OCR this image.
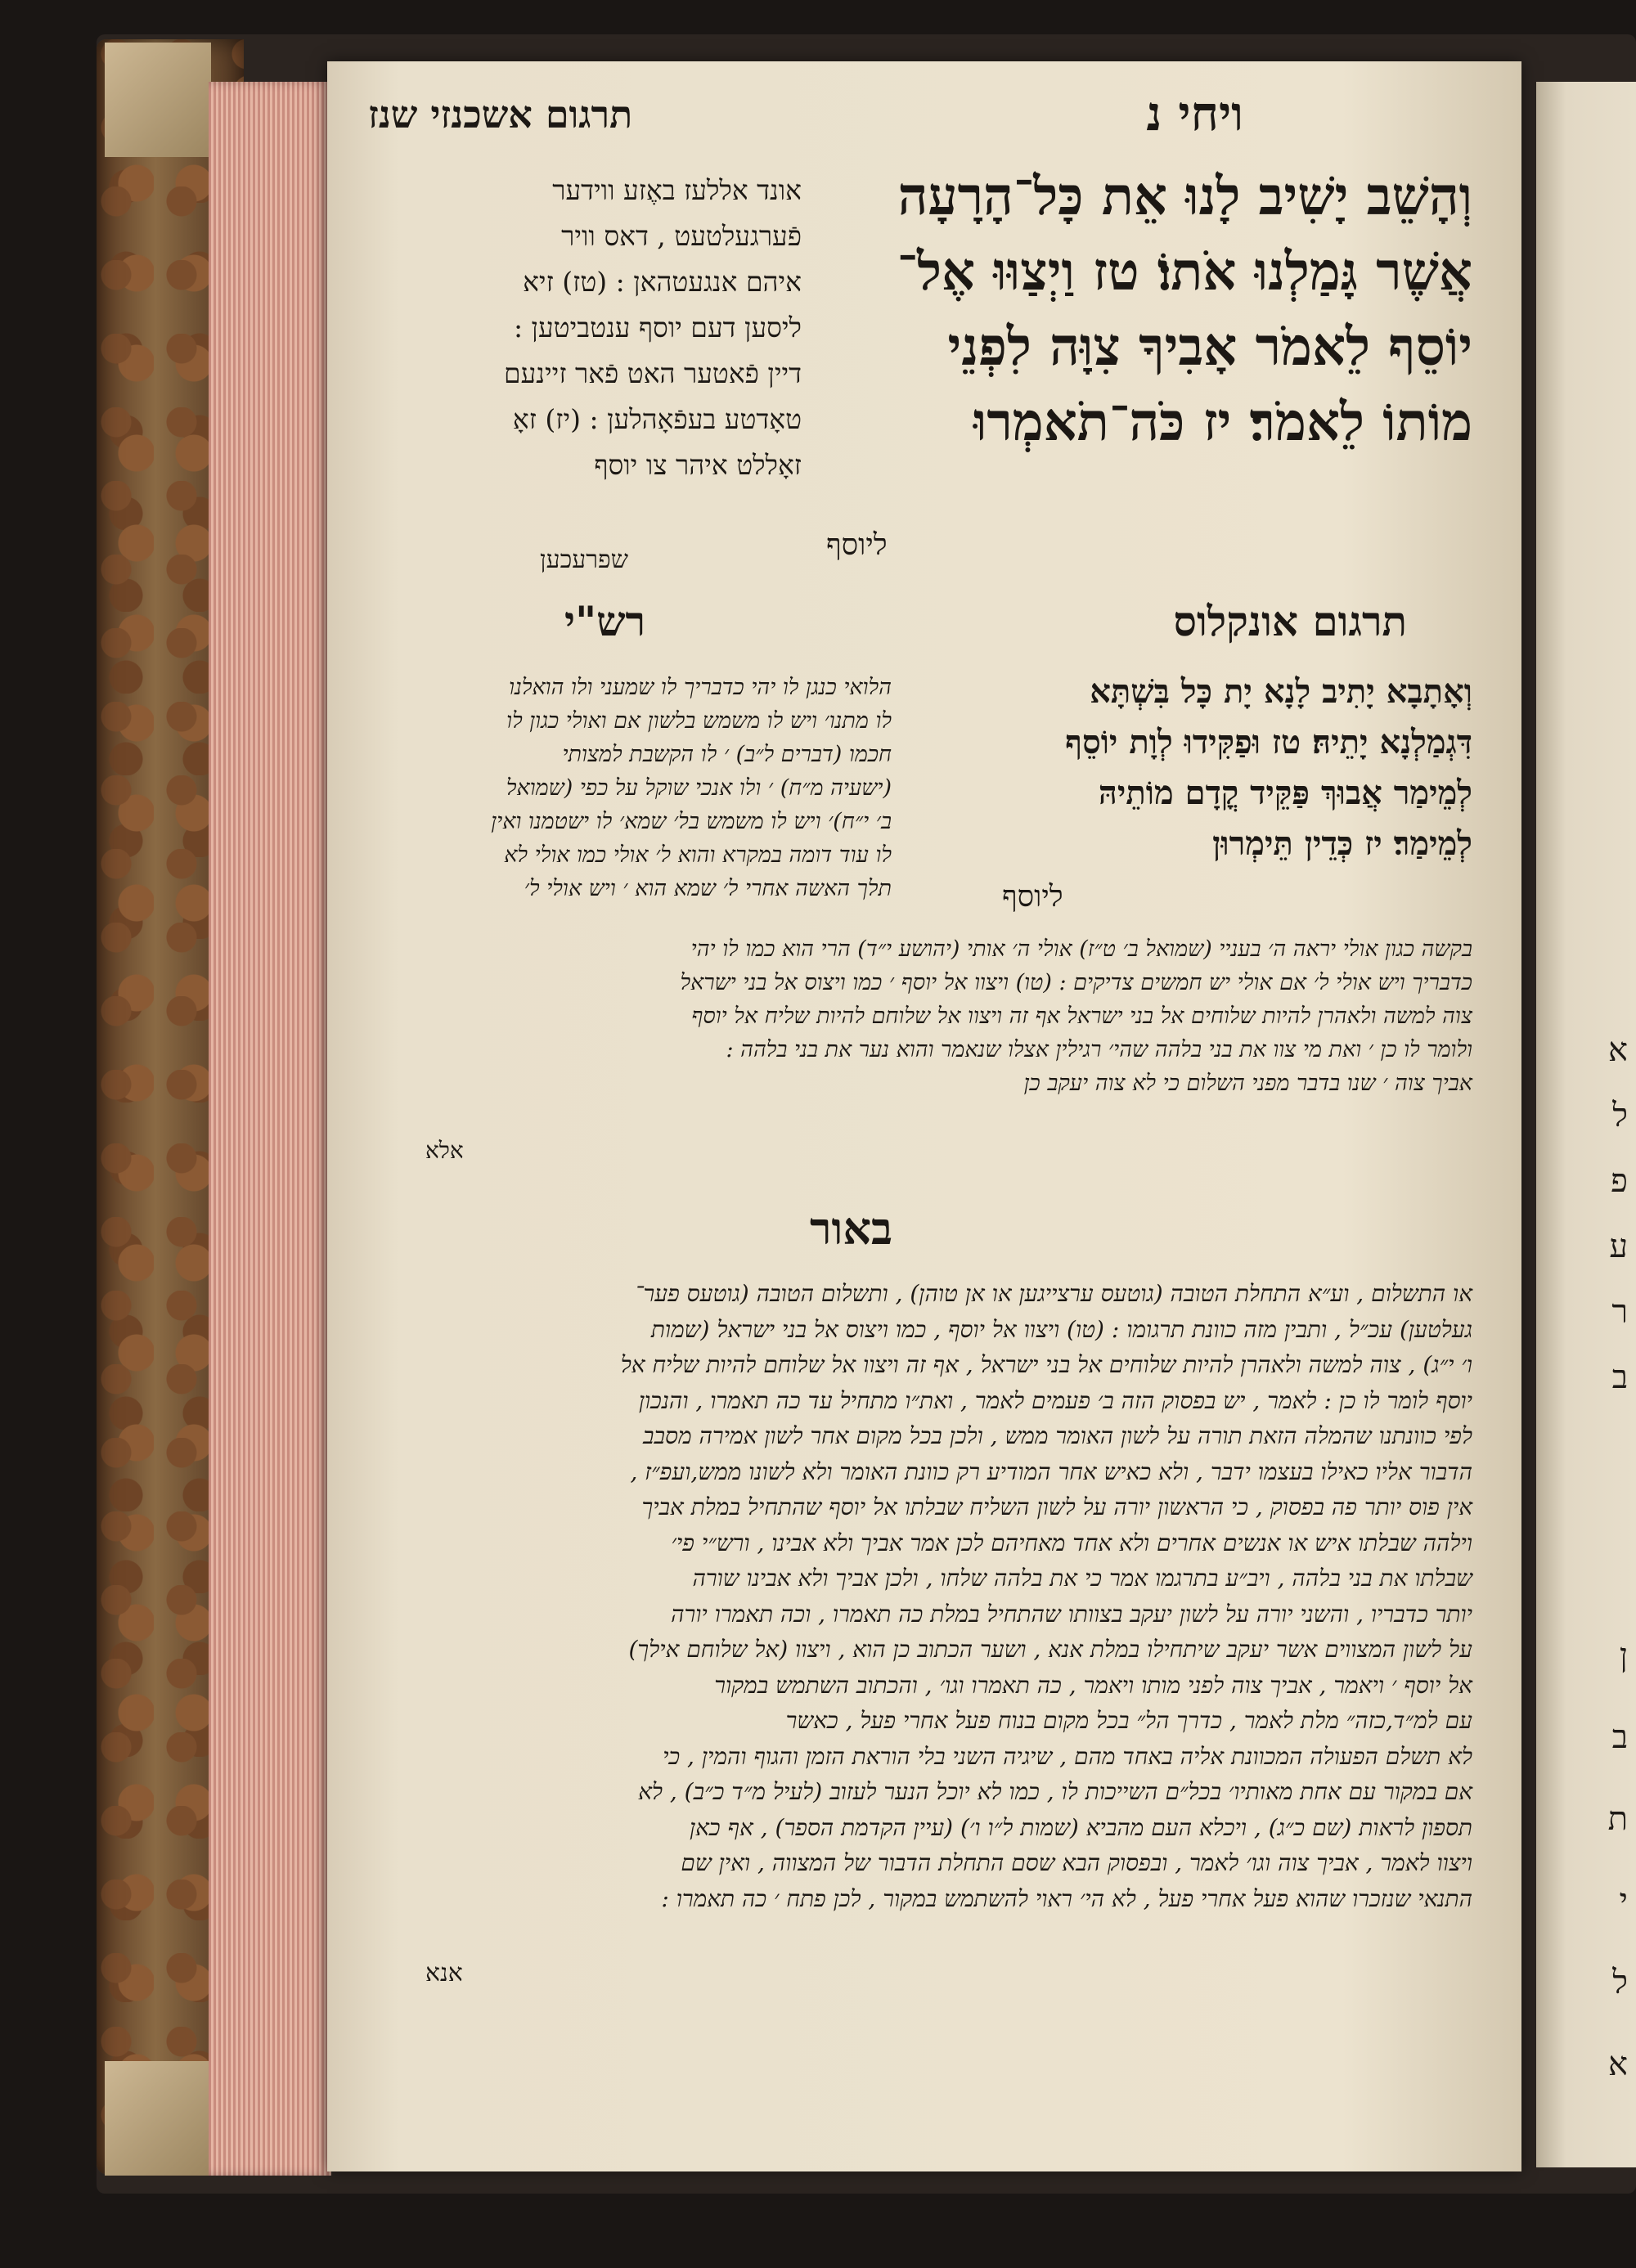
ויחי נ
תרגום אשכנזי שנז
וְהָשֵׁב יָשִׁיב לָנוּ אֵת כָּל־הָרָעָה
אֲשֶׁר גָּמַלְנוּ אֹתוֹ׃ טז וַיְצַוּוּ אֶל־
יוֹסֵף לֵאמֹר אָבִיךָ צִוָּה לִפְנֵי
מוֹתוֹ לֵאמֹר׃ יז כֹּה־תֹאמְרוּ
ליוסף
אונד אללעז באֶזע ווידער
פֿערגעלטעט , דאס וויר
איהם אנגעטהאן : (טז) זיא
ליסען דעם יוסף ענטביטען :
דיין פֿאטער האט פֿאר זיינעם
טאָדטע בעפֿאָהלען : (יז) זאָ
זאָללט איהר צו יוסף
שפרעכען
תרגום אונקלוס
רש"י
וְאָתָבָא יָתִיב לָנָא יָת כָּל בִּשְׁתָּא
דִּגְמַלְנָא יָתֵיהּ׃ טז וּפַקִּידוּ לְוָת יוֹסֵף
לְמֵימַר אֲבוּךְ פַּקֵּיד קֳדָם מוֹתֵיהּ
לְמֵימַר׃ יז כְּדֵין תֵּימְרוּן
ליוסף
הלואי כנגן לו יהי כדבריך לו שמעני ולו הואלנו
לו מתנו׳ ויש לו משמש בלשון אם ואולי כגון לו
חכמו (דברים ל״ב) ׳ לו הקשבת למצותי
(ישעיה מ״ח) ׳ ולו אנכי שוקל על כפי (שמואל
ב׳ י״ח)׳ ויש לו משמש בל׳ שמא׳ לו ישטמנו ואין
לו עוד דומה במקרא והוא ל׳ אולי כמו אולי לא
תלך האשה אחרי ל׳ שמא הוא ׳ ויש אולי ל׳
בקשה כגון אולי יראה ה׳ בעניי (שמואל ב׳ ט״ז) אולי ה׳ אותי (יהושע י״ד) הרי הוא כמו לו יהי
כדבריך ויש אולי ל׳ אם אולי יש חמשים צדיקים : (טו) ויצוו אל יוסף ׳ כמו ויצוס אל בני ישראל
צוה למשה ולאהרן להיות שלוחים אל בני ישראל אף זה ויצוו אל שלוחם להיות שליח אל יוסף
ולומר לו כן ׳ ואת מי צוו את בני בלהה שהי׳ רגילין אצלו שנאמר והוא נער את בני בלהה :
אביך צוה ׳ שנו בדבר מפני השלום כי לא צוה יעקב כן
אלא
באור
או התשלום , וע״א התחלת הטובה (גוטעס ערצייגען או אן טוהן) , ותשלום הטובה (גוטעס פער־
געלטען) עכ״ל , ותבין מזה כוונת תרגומו : (טו) ויצוו אל יוסף , כמו ויצוס אל בני ישראל (שמות
ו׳ י״ג) , צוה למשה ולאהרן להיות שלוחים אל בני ישראל , אף זה ויצוו אל שלוחם להיות שליח אל
יוסף לומר לו כן : לאמר , יש בפסוק הזה ב׳ פעמים לאמר , ואת״ו מתחיל עד כה תאמרו , והנכון
לפי כוונתנו שהמלה הזאת תורה על לשון האומר ממש , ולכן בכל מקום אחר לשון אמירה מסבב
הדבור אליו כאילו בעצמו ידבר , ולא כאיש אחר המודיע רק כוונת האומר ולא לשונו ממש,ועפ״ז ,
אין פוס יותר פה בפסוק , כי הראשון יורה על לשון השליח שבלתו אל יוסף שהתחיל במלת אביך
וילהה שבלתו איש או אנשים אחרים ולא אחד מאחיהם לכן אמר אביך ולא אבינו , ורש״י פי׳
שבלתו את בני בלהה , ויב״ע בתרגמו אמר כי את בלהה שלחו , ולכן אביך ולא אבינו שורה
יותר כדבריו , והשני יורה על לשון יעקב בצוותו שהתחיל במלת כה תאמרו , וכה תאמרו יורה
על לשון המצווים אשר יעקב שיתחילו במלת אנא , ושער הכתוב כן הוא , ויצוו (אל שלוחם אילך)
אל יוסף ׳ ויאמר , אביך צוה לפני מותו ויאמר , כה תאמרו וגו׳ , והכתוב השתמש במקור
עם למ״ד,כזה״ מלת לאמר , כדרך הל״ בכל מקום בנוח פעל אחרי פעל , כאשר
לא תשלם הפעולה המכוונת אליה באחד מהם , שיגיה השני בלי הוראת הזמן והגוף והמין , כי
אם במקור עם אחת מאותיו׳ בכל״ם השייכות לו , כמו לא יוכל הנער לעזוב (לעיל מ״ד כ״ב) , לא
תספון לראות (שם כ״ג) , ויכלא העם מהביא (שמות ל״ו ו׳) (עיין הקדמת הספר) , אף כאן
ויצוו לאמר , אביך צוה וגו׳ לאמר , ובפסוק הבא שסם התחלת הדבור של המצווה , ואין שם
התנאי שנזכרו שהוא פעל אחרי פעל , לא הי׳ ראוי להשתמש במקור , לכן פתח ׳ כה תאמרו :
אנא
א
ל
פ
ע
ר
ב
ן
ב
ת
י
ל
א
